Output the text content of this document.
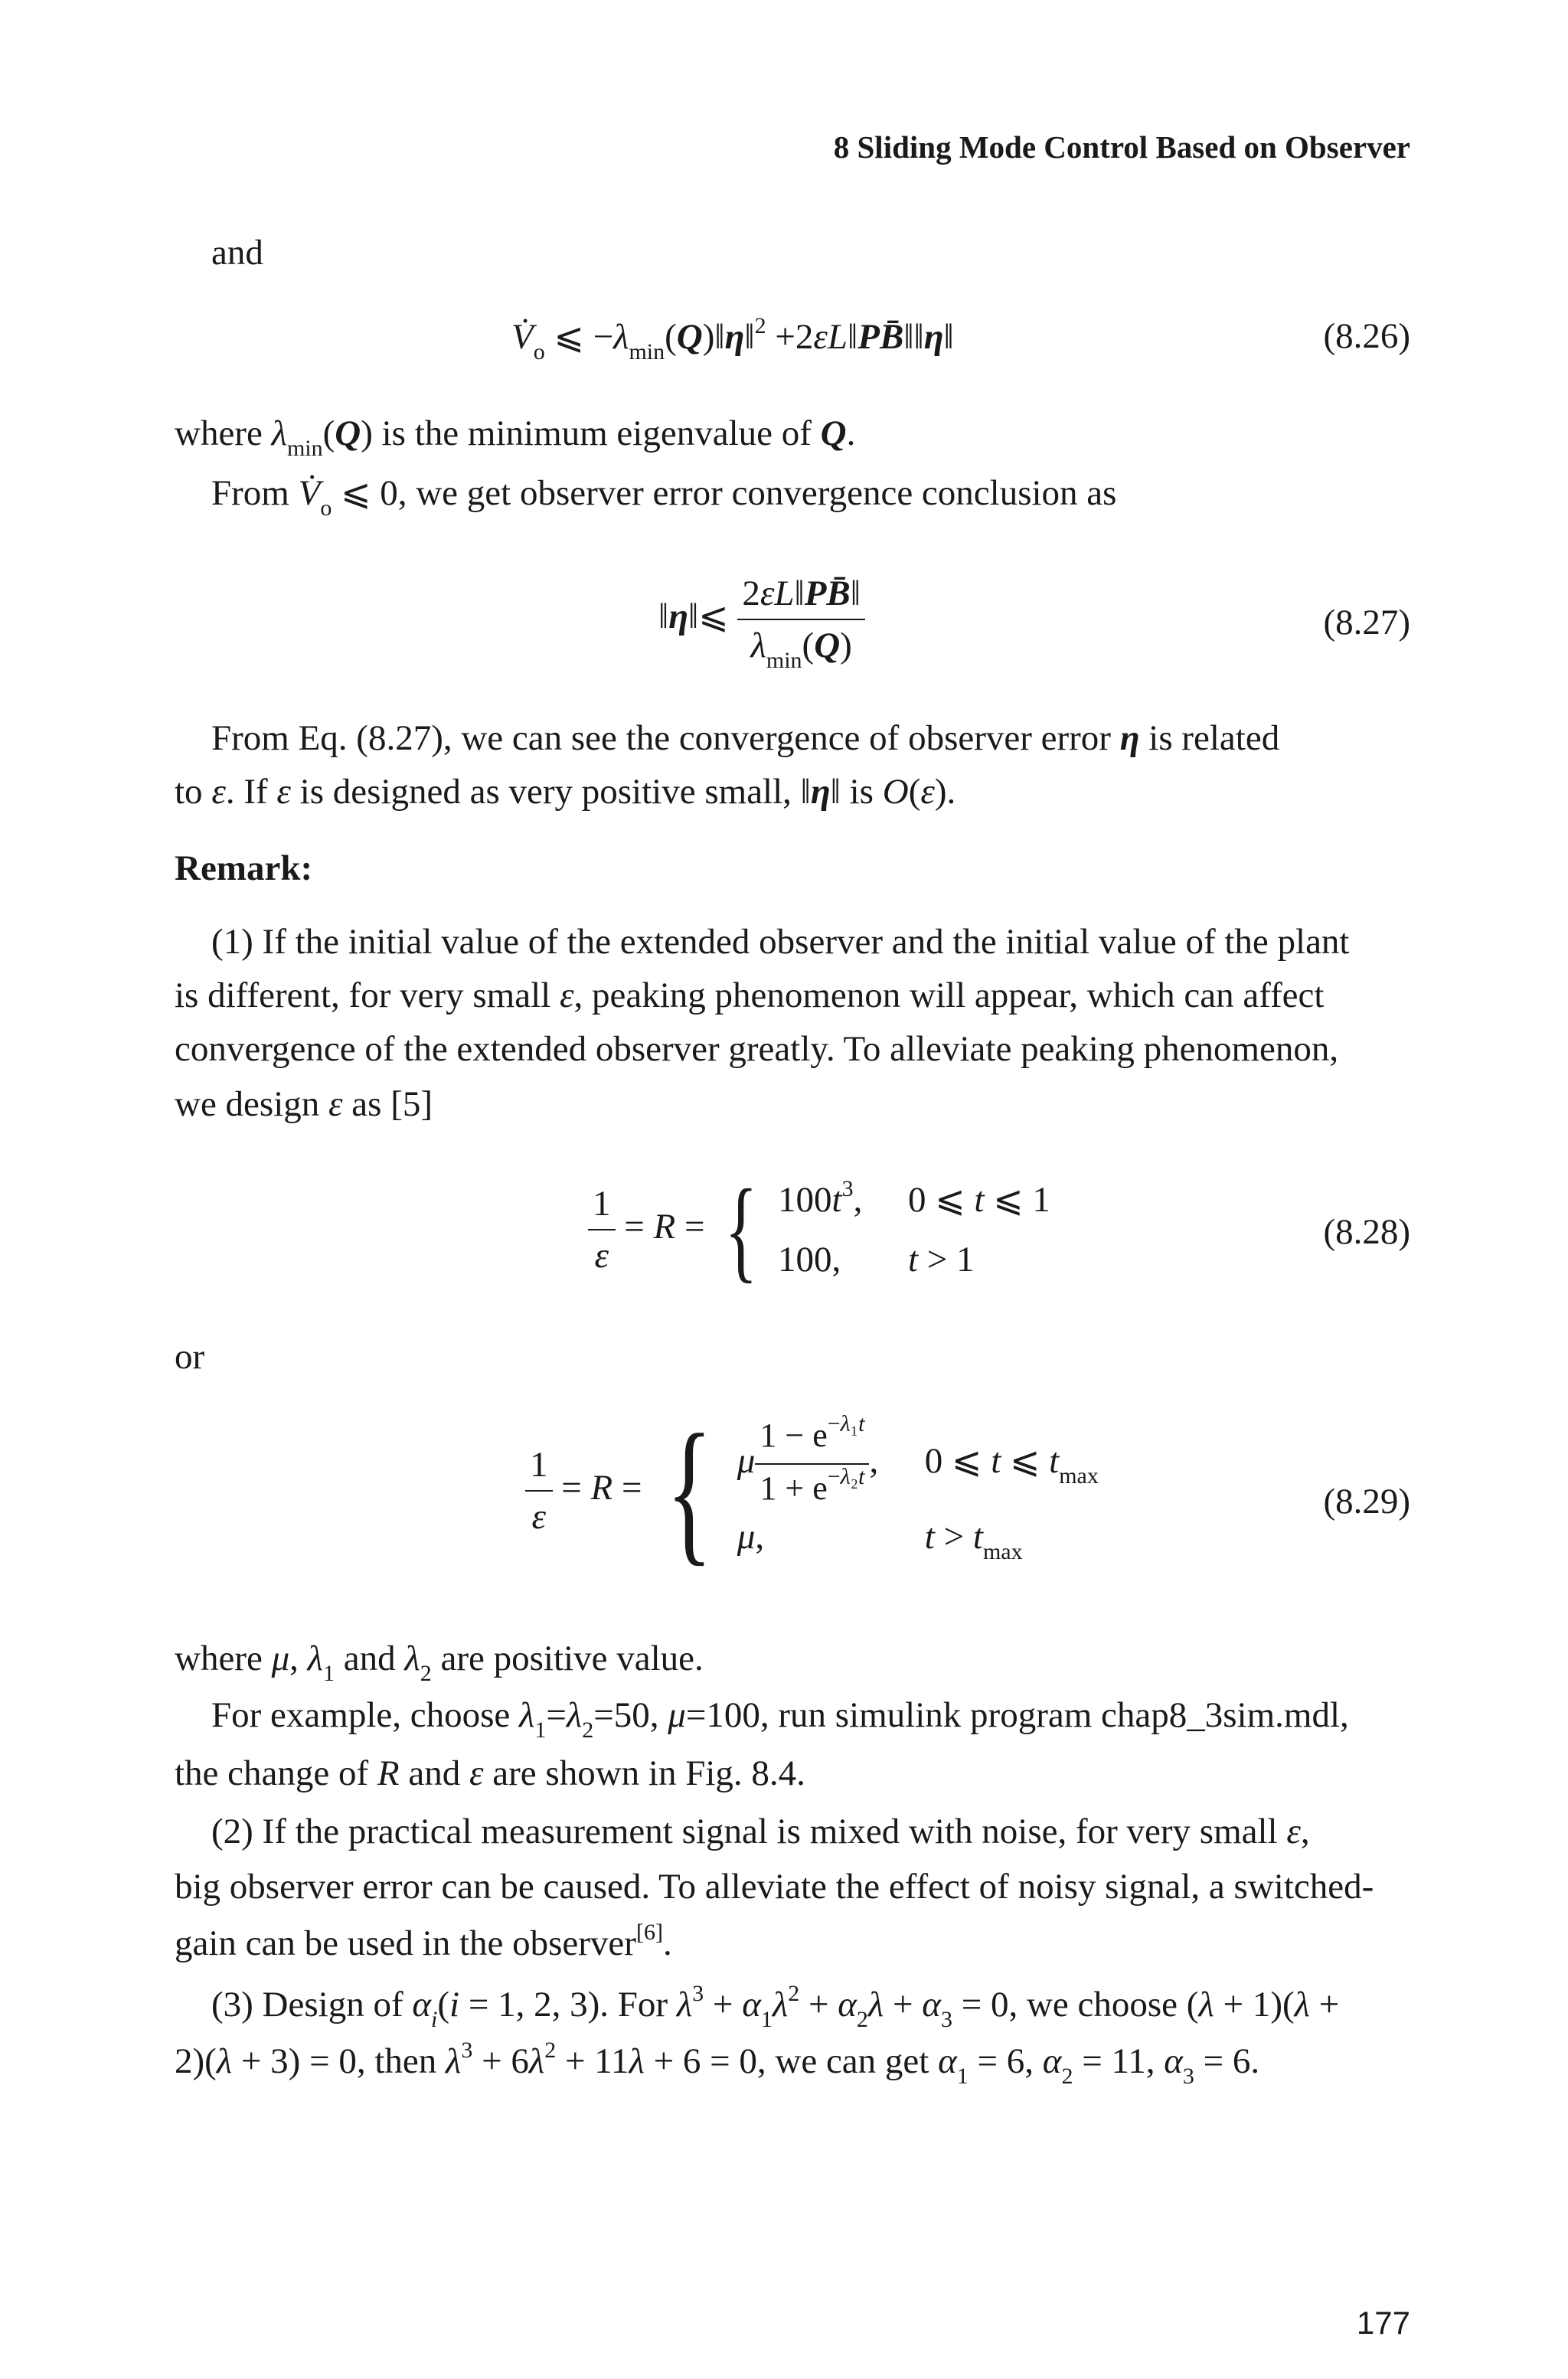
8 Sliding Mode Control Based on Observer
and
$V̇_o$ ⩽ $-\lambda_{min}(Q)‖\eta‖^2$ +2εL‖PB̄‖‖η‖	(8.26)
where $\lambda_{min}(Q)$ is the minimum eigenvalue of Q.
From $V̇_o$ ⩽ 0, we get observer error convergence conclusion as
‖η‖⩽ $\frac{2\varepsilon L‖PB̄‖}{\lambda_{min}(Q)}$	(8.27)
From Eq. (8.27), we can see the convergence of observer error η is related
to ε. If ε is designed as very positive small, ‖η‖ is O(ε).
Remark:
(1) If the initial value of the extended observer and the initial value of the plant
is different, for very small ε, peaking phenomenon will appear, which can affect
convergence of the extended observer greatly. To alleviate peaking phenomenon,
we design ε as [5]
$\frac{1}{\varepsilon} = R$ = { $100t^3$, 0 ⩽ t ⩽ 1
100, t > 1
(8.28)
or
$\frac{1}{\varepsilon} = R$ = { μ $\frac{1 - e^{-\lambda_1t}}{1 + e^{-\lambda_2t}}$ , 0 ⩽ t ⩽ $t_{max}$
μ,	$t > t_{max}$
(8.29)
where μ, $\lambda_1$ and $\lambda_2$ are positive value.
For example, choose $\lambda_1=\lambda_2=50$, μ=100, run simulink program chap8_3sim.mdl,
the change of R and ε are shown in Fig. 8.4.
(2) If the practical measurement signal is mixed with noise, for very small ε,
big observer error can be caused. To alleviate the effect of noisy signal, a switched-
gain can be used in the observer[6].
(3) Design of $\alpha_i(i = 1$, 2, 3). For $\lambda^3 + \alpha_1\lambda^2 + \alpha_2\lambda + \alpha_3 = 0$, we choose (λ + 1)(λ +
2)(λ + 3) = 0, then $\lambda^3 + 6\lambda^2 + 11\lambda + 6 = 0$, we can get $\alpha_1 = 6$, $\alpha_2 = 11$, $\alpha_3 = 6$.
177
